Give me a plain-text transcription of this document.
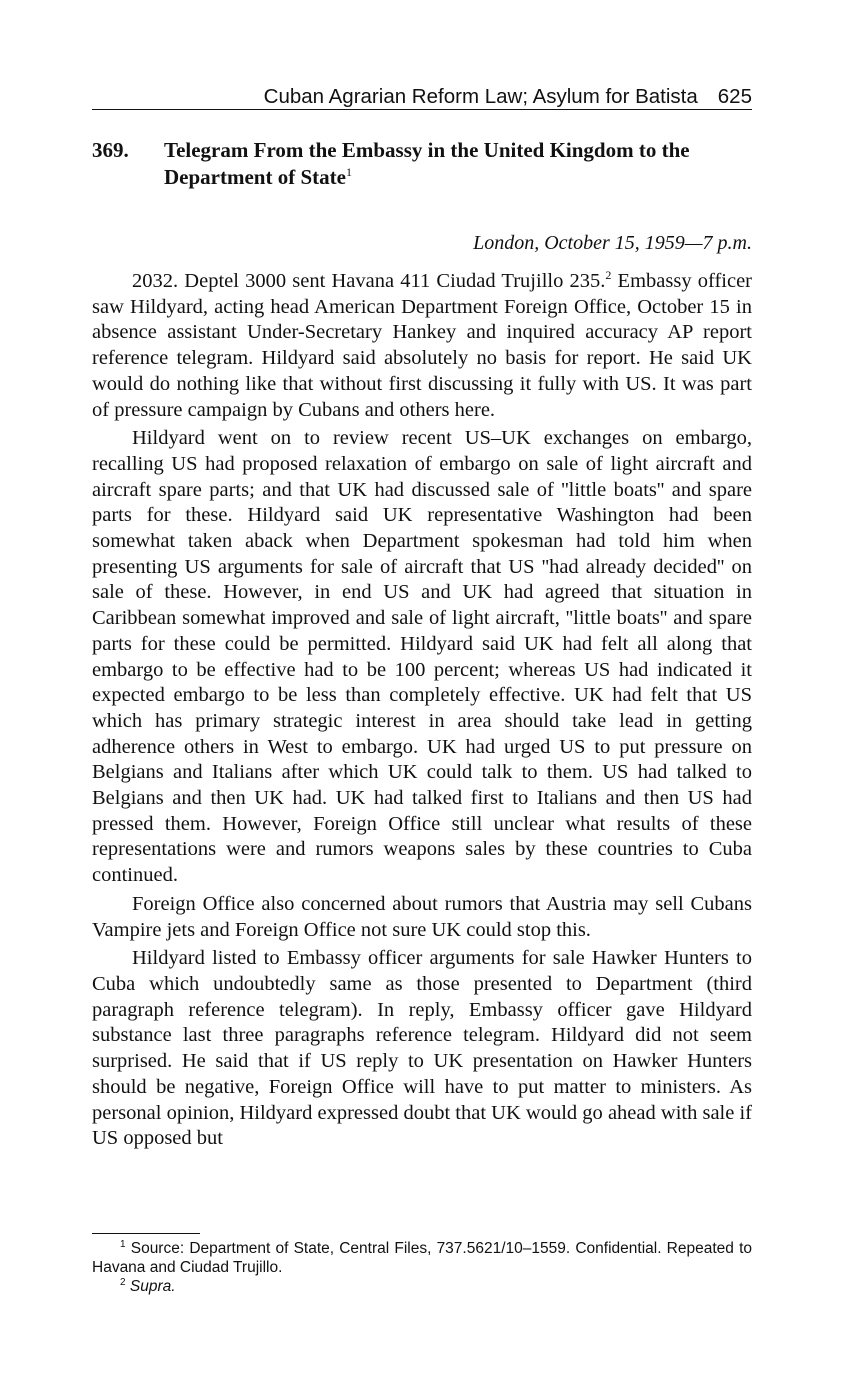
Cuban Agrarian Reform Law; Asylum for Batista 625
369.	Telegram From the Embassy in the United Kingdom to the Department of State$^1$
London, October 15, 1959—7 p.m.

2032. Deptel 3000 sent Havana 411 Ciudad Trujillo 235.$^2$ Embassy officer saw Hildyard, acting head American Department Foreign Office, October 15 in absence assistant Under-Secretary Hankey and inquired accuracy AP report reference telegram. Hildyard said absolutely no basis for report. He said UK would do nothing like that without first discussing it fully with US. It was part of pressure campaign by Cubans and others here.

Hildyard went on to review recent US–UK exchanges on embargo, recalling US had proposed relaxation of embargo on sale of light aircraft and aircraft spare parts; and that UK had discussed sale of ''little boats'' and spare parts for these. Hildyard said UK representative Washington had been somewhat taken aback when Department spokesman had told him when presenting US arguments for sale of aircraft that US ''had already decided'' on sale of these. However, in end US and UK had agreed that situation in Caribbean somewhat improved and sale of light aircraft, ''little boats'' and spare parts for these could be permitted. Hildyard said UK had felt all along that embargo to be effective had to be 100 percent; whereas US had indicated it expected embargo to be less than completely effective. UK had felt that US which has primary strategic interest in area should take lead in getting adherence others in West to embargo. UK had urged US to put pressure on Belgians and Italians after which UK could talk to them. US had talked to Belgians and then UK had. UK had talked first to Italians and then US had pressed them. However, Foreign Office still unclear what results of these representations were and rumors weapons sales by these countries to Cuba continued.

Foreign Office also concerned about rumors that Austria may sell Cubans Vampire jets and Foreign Office not sure UK could stop this.

Hildyard listed to Embassy officer arguments for sale Hawker Hunters to Cuba which undoubtedly same as those presented to Department (third paragraph reference telegram). In reply, Embassy officer gave Hildyard substance last three paragraphs reference telegram. Hildyard did not seem surprised. He said that if US reply to UK presentation on Hawker Hunters should be negative, Foreign Office will have to put matter to ministers. As personal opinion, Hildyard expressed doubt that UK would go ahead with sale if US opposed but

$^1$ Source: Department of State, Central Files, 737.5621/10–1559. Confidential. Repeated to Havana and Ciudad Trujillo.

$^2$ Supra.
